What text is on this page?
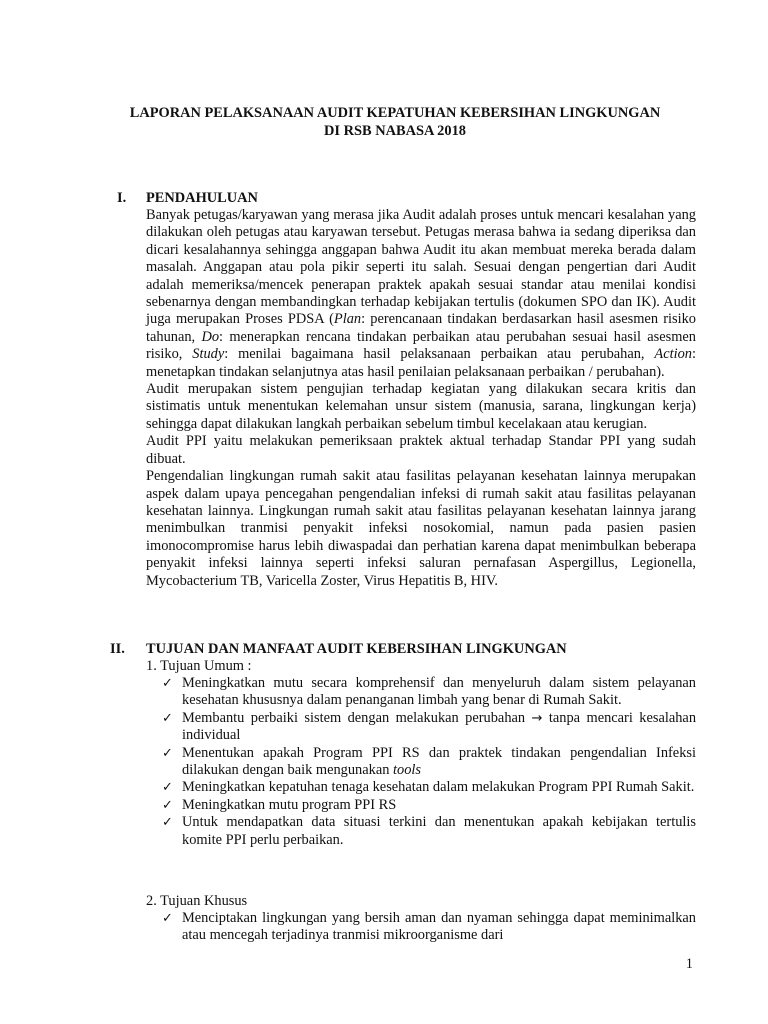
LAPORAN PELAKSANAAN AUDIT KEPATUHAN KEBERSIHAN LINGKUNGAN
DI RSB NABASA 2018
I. PENDAHULUAN

Banyak petugas/karyawan yang merasa jika Audit adalah proses untuk mencari kesalahan yang dilakukan oleh petugas atau karyawan tersebut. Petugas merasa bahwa ia sedang diperiksa dan dicari kesalahannya sehingga anggapan bahwa Audit itu akan membuat mereka berada dalam masalah. Anggapan atau pola pikir seperti itu salah. Sesuai dengan pengertian dari Audit adalah memeriksa/mencek penerapan praktek apakah sesuai standar atau menilai kondisi sebenarnya dengan membandingkan terhadap kebijakan tertulis (dokumen SPO dan IK). Audit juga merupakan Proses PDSA (Plan: perencanaan tindakan berdasarkan hasil asesmen risiko tahunan, Do: menerapkan rencana tindakan perbaikan atau perubahan sesuai hasil asesmen risiko, Study: menilai bagaimana hasil pelaksanaan perbaikan atau perubahan, Action: menetapkan tindakan selanjutnya atas hasil penilaian pelaksanaan perbaikan / perubahan).

Audit merupakan sistem pengujian terhadap kegiatan yang dilakukan secara kritis dan sistimatis untuk menentukan kelemahan unsur sistem (manusia, sarana, lingkungan kerja) sehingga dapat dilakukan langkah perbaikan sebelum timbul kecelakaan atau kerugian.

Audit PPI yaitu melakukan pemeriksaan praktek aktual terhadap Standar PPI yang sudah dibuat.

Pengendalian lingkungan rumah sakit atau fasilitas pelayanan kesehatan lainnya merupakan aspek dalam upaya pencegahan pengendalian infeksi di rumah sakit atau fasilitas pelayanan kesehatan lainnya. Lingkungan rumah sakit atau fasilitas pelayanan kesehatan lainnya jarang menimbulkan tranmisi penyakit infeksi nosokomial, namun pada pasien pasien imonocompromise harus lebih diwaspadai dan perhatian karena dapat menimbulkan beberapa penyakit infeksi lainnya seperti infeksi saluran pernafasan Aspergillus, Legionella, Mycobacterium TB, Varicella Zoster, Virus Hepatitis B, HIV.

II. TUJUAN DAN MANFAAT AUDIT KEBERSIHAN LINGKUNGAN
1. Tujuan Umum :
✓ Meningkatkan mutu secara komprehensif dan menyeluruh dalam sistem pelayanan kesehatan khususnya dalam penanganan limbah yang benar di Rumah Sakit.
✓ Membantu perbaiki sistem dengan melakukan perubahan → tanpa mencari kesalahan individual
✓ Menentukan apakah Program PPI RS dan praktek tindakan pengendalian Infeksi dilakukan dengan baik mengunakan tools
✓ Meningkatkan kepatuhan tenaga kesehatan dalam melakukan Program PPI Rumah Sakit.
✓ Meningkatkan mutu program PPI RS
✓ Untuk mendapatkan data situasi terkini dan menentukan apakah kebijakan tertulis komite PPI perlu perbaikan.
2. Tujuan Khusus
✓ Menciptakan lingkungan yang bersih aman dan nyaman sehingga dapat meminimalkan atau mencegah terjadinya tranmisi mikroorganisme dari
1
